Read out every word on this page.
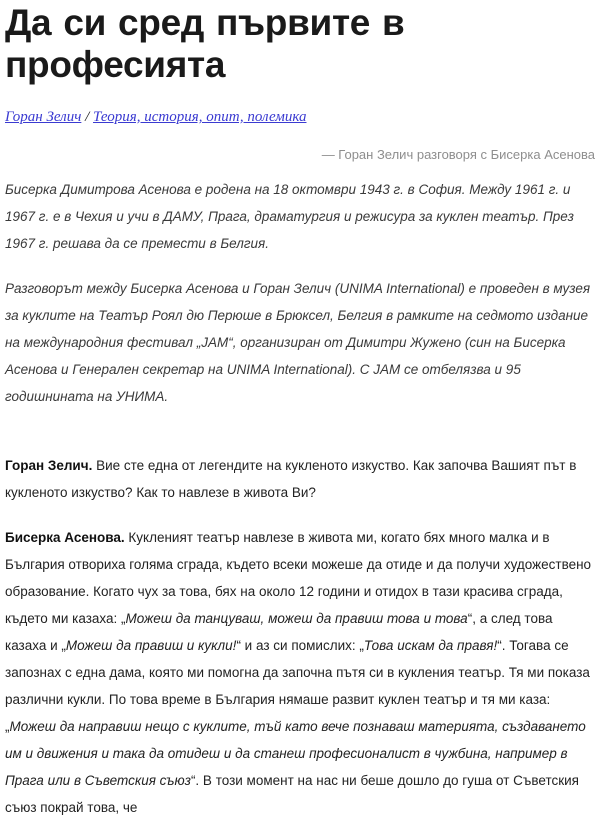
Да си сред първите в професията
Горан Зелич / Теория, история, опит, полемика
— Горан Зелич разговоря с Бисерка Асенова

Бисерка Димитрова Асенова е родена на 18 октомври 1943 г. в София. Между 1961 г. и 1967 г. е в Чехия и учи в ДАМУ, Прага, драматургия и режисура за куклен театър. През 1967 г. решава да се премести в Белгия.

Разговорът между Бисерка Асенова и Горан Зелич (UNIMA International) е проведен в музея за куклите на Театър Роял дю Перюше в Брюксел, Белгия в рамките на седмото издание на международния фестивал „JAM“, организиран от Димитри Жужено (син на Бисерка Асенова и Генерален секретар на UNIMA International). С JAM се отбелязва и 95 годишнината на УНИМА.

Горан Зелич. Вие сте една от легендите на кукленото изкуство. Как започва Вашият път в кукленото изкуство? Как то навлезе в живота Ви?

Бисерка Асенова. Кукленият театър навлезе в живота ми, когато бях много малка и в България отвориха голяма сграда, където всеки можеше да отиде и да получи художествено образование. Когато чух за това, бях на около 12 години и отидох в тази красива сграда, където ми казаха: „Можеш да танцуваш, можеш да правиш това и това“, а след това казаха и „Можеш да правиш и кукли!“ и аз си помислих: „Това искам да правя!“. Тогава се запознах с една дама, която ми помогна да започна пътя си в кукления театър. Тя ми показа различни кукли. По това време в България нямаше развит куклен театър и тя ми каза: „Можеш да направиш нещо с куклите, тъй като вече познаваш материята, създаването им и движения и така да отидеш и да станеш професионалист в чужбина, например в Прага или в Съветския съюз“. В този момент на нас ни беше дошло до гуша от Съветския съюз покрай това, че
